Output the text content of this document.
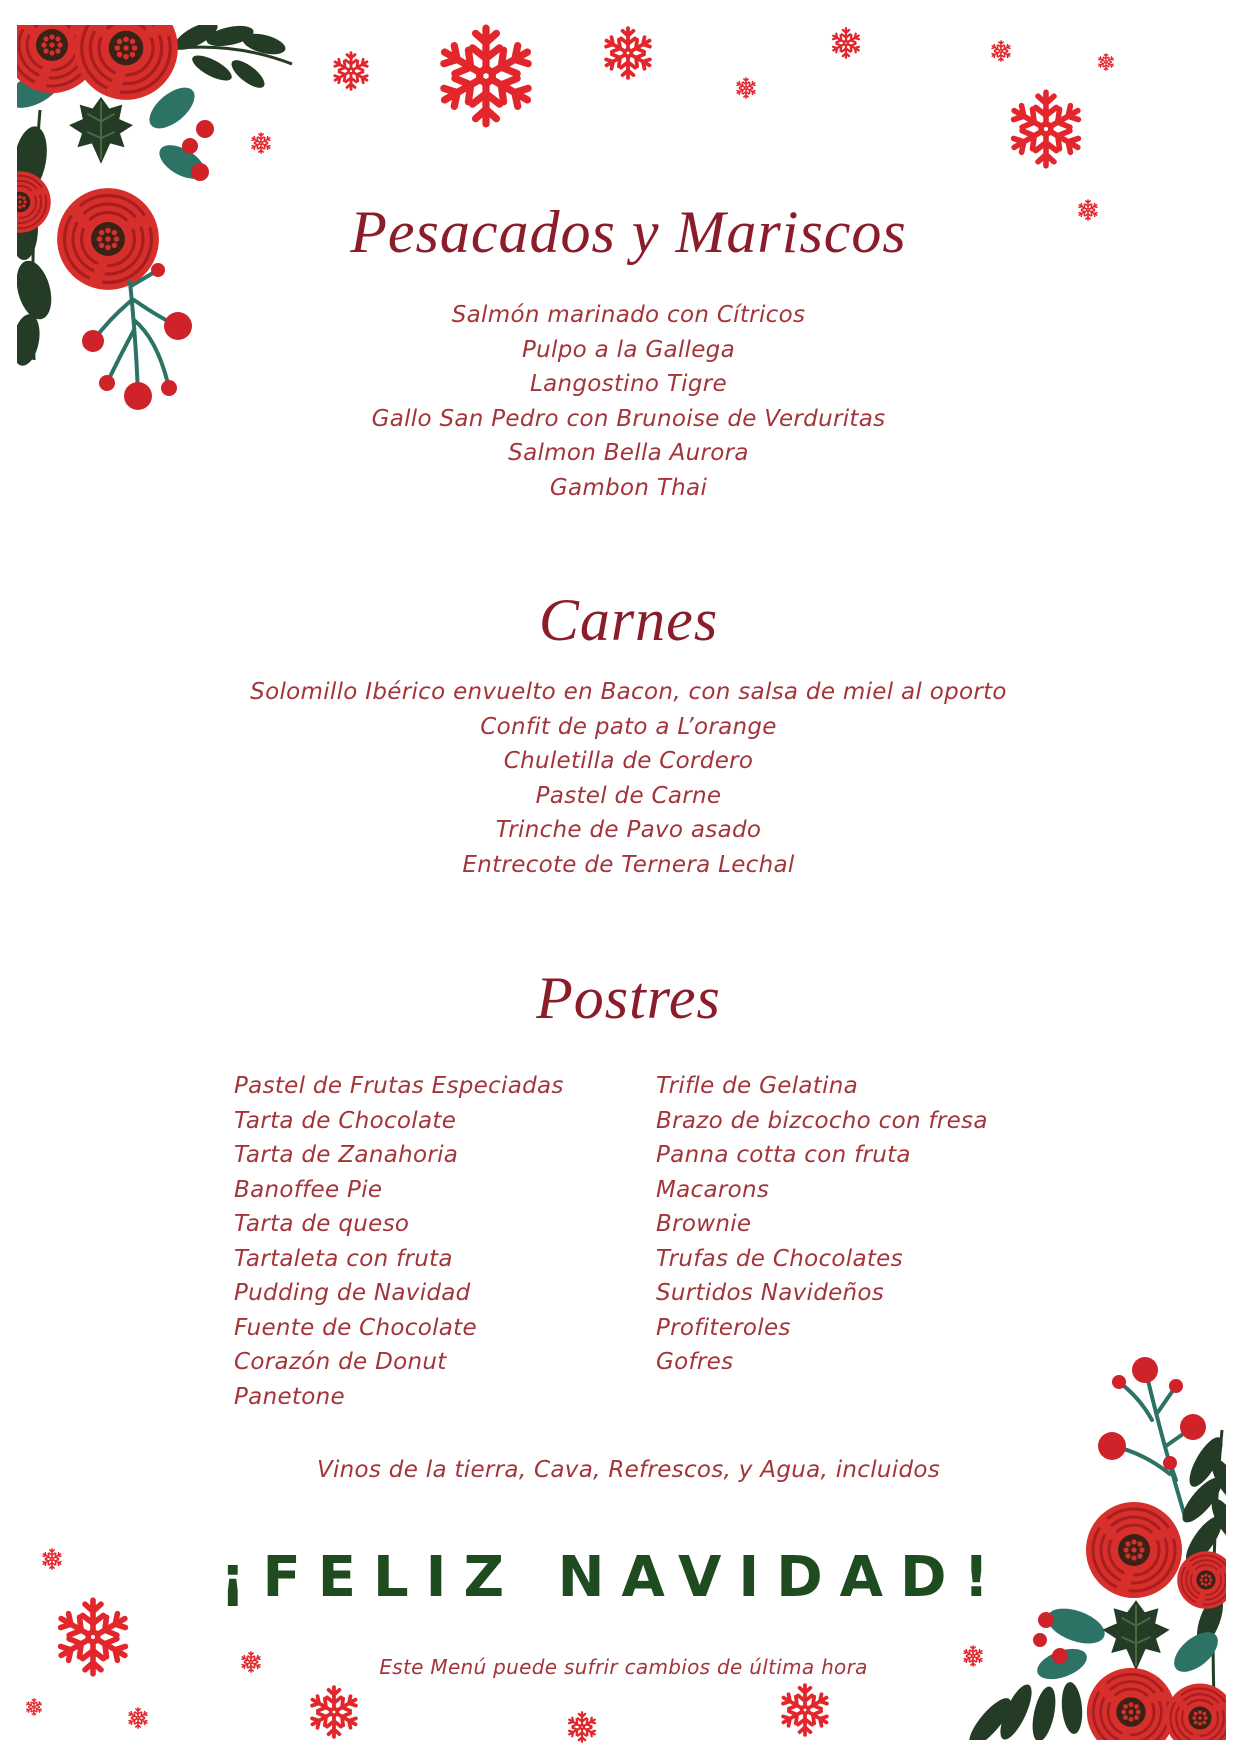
Pesacados y Mariscos
Salmón marinado con Cítricos
Pulpo a la Gallega
Langostino Tigre
Gallo San Pedro con Brunoise de Verduritas
Salmon Bella Aurora
Gambon Thai
Carnes
Solomillo Ibérico envuelto en Bacon, con salsa de miel al oporto
Confit de pato a L’orange
Chuletilla de Cordero
Pastel de Carne
Trinche de Pavo asado
Entrecote de Ternera Lechal
Postres
Pastel de Frutas Especiadas
Tarta de Chocolate
Tarta de Zanahoria
Banoffee Pie
Tarta de queso
Tartaleta con fruta
Pudding de Navidad
Fuente de Chocolate
Corazón de Donut
Panetone
Trifle de Gelatina
Brazo de bizcocho con fresa
Panna cotta con fruta
Macarons
Brownie
Trufas de Chocolates
Surtidos Navideños
Profiteroles
Gofres
Vinos de la tierra, Cava, Refrescos, y Agua, incluidos
¡FELIZ NAVIDAD!
Este Menú puede sufrir cambios de última hora
